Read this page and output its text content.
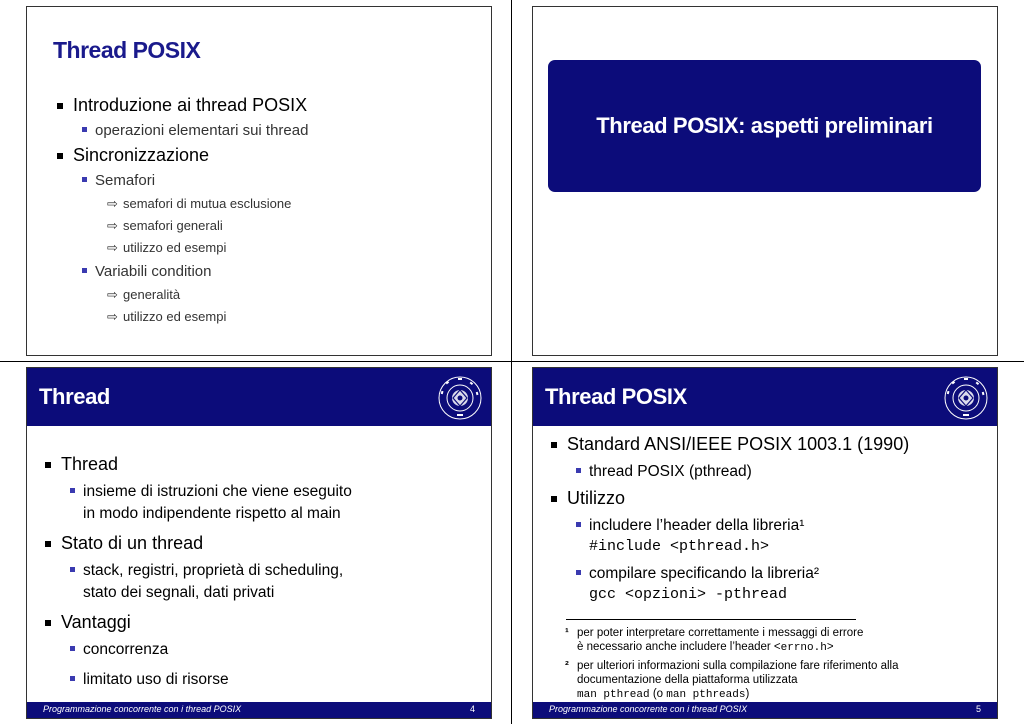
Thread POSIX
Introduzione ai thread POSIX
operazioni elementari sui thread
Sincronizzazione
Semafori
⇨ semafori di mutua esclusione
⇨ semafori generali
⇨ utilizzo ed esempi
Variabili condition
⇨ generalità
⇨ utilizzo ed esempi
Thread POSIX: aspetti preliminari
Thread
Thread
insieme di istruzioni che viene eseguito
in modo indipendente rispetto al main
Stato di un thread
stack, registri, proprietà di scheduling,
stato dei segnali, dati privati
Vantaggi
concorrenza
limitato uso di risorse
Programmazione concorrente con i thread POSIX	4
Thread POSIX
Standard ANSI/IEEE POSIX 1003.1 (1990)
thread POSIX (pthread)
Utilizzo
includere l’header della libreria¹
#include <pthread.h>
compilare specificando la libreria²
gcc <opzioni> -pthread
¹ per poter interpretare correttamente i messaggi di errore
è necessario anche includere l’header <errno.h>
² per ulteriori informazioni sulla compilazione fare riferimento alla
documentazione della piattaforma utilizzata
man pthread (o man pthreads)
Programmazione concorrente con i thread POSIX	5
